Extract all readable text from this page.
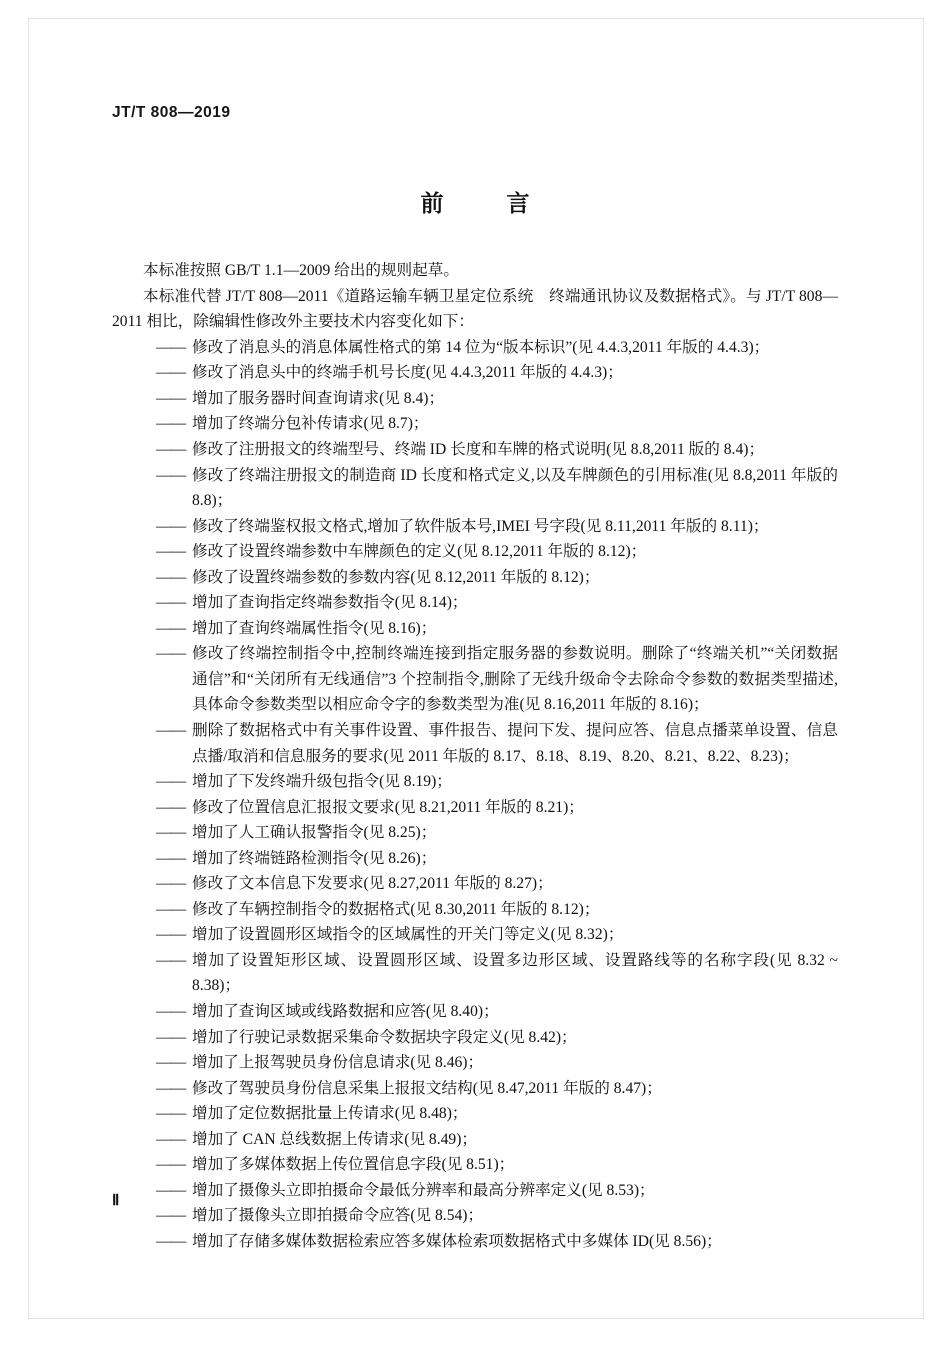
JT/T 808—2019
前　言

本标准按照 GB/T 1.1—2009 给出的规则起草。

本标准代替 JT/T 808—2011《道路运输车辆卫星定位系统　终端通讯协议及数据格式》。与 JT/T 808—2011 相比，除编辑性修改外主要技术内容变化如下：

—— 修改了消息头的消息体属性格式的第 14 位为“版本标识”(见 4.4.3,2011 年版的 4.4.3)；
—— 修改了消息头中的终端手机号长度(见 4.4.3,2011 年版的 4.4.3)；
—— 增加了服务器时间查询请求(见 8.4)；
—— 增加了终端分包补传请求(见 8.7)；
—— 修改了注册报文的终端型号、终端 ID 长度和车牌的格式说明(见 8.8,2011 版的 8.4)；
—— 修改了终端注册报文的制造商 ID 长度和格式定义,以及车牌颜色的引用标准(见 8.8,2011 年版的 8.8)；
—— 修改了终端鉴权报文格式,增加了软件版本号,IMEI 号字段(见 8.11,2011 年版的 8.11)；
—— 修改了设置终端参数中车牌颜色的定义(见 8.12,2011 年版的 8.12)；
—— 修改了设置终端参数的参数内容(见 8.12,2011 年版的 8.12)；
—— 增加了查询指定终端参数指令(见 8.14)；
—— 增加了查询终端属性指令(见 8.16)；
—— 修改了终端控制指令中,控制终端连接到指定服务器的参数说明。删除了“终端关机”“关闭数据通信”和“关闭所有无线通信”3 个控制指令,删除了无线升级命令去除命令参数的数据类型描述,具体命令参数类型以相应命令字的参数类型为准(见 8.16,2011 年版的 8.16)；
—— 删除了数据格式中有关事件设置、事件报告、提问下发、提问应答、信息点播菜单设置、信息点播/取消和信息服务的要求(见 2011 年版的 8.17、8.18、8.19、8.20、8.21、8.22、8.23)；
—— 增加了下发终端升级包指令(见 8.19)；
—— 修改了位置信息汇报报文要求(见 8.21,2011 年版的 8.21)；
—— 增加了人工确认报警指令(见 8.25)；
—— 增加了终端链路检测指令(见 8.26)；
—— 修改了文本信息下发要求(见 8.27,2011 年版的 8.27)；
—— 修改了车辆控制指令的数据格式(见 8.30,2011 年版的 8.12)；
—— 增加了设置圆形区域指令的区域属性的开关门等定义(见 8.32)；
—— 增加了设置矩形区域、设置圆形区域、设置多边形区域、设置路线等的名称字段(见 8.32 ~ 8.38)；
—— 增加了查询区域或线路数据和应答(见 8.40)；
—— 增加了行驶记录数据采集命令数据块字段定义(见 8.42)；
—— 增加了上报驾驶员身份信息请求(见 8.46)；
—— 修改了驾驶员身份信息采集上报报文结构(见 8.47,2011 年版的 8.47)；
—— 增加了定位数据批量上传请求(见 8.48)；
—— 增加了 CAN 总线数据上传请求(见 8.49)；
—— 增加了多媒体数据上传位置信息字段(见 8.51)；
—— 增加了摄像头立即拍摄命令最低分辨率和最高分辨率定义(见 8.53)；
—— 增加了摄像头立即拍摄命令应答(见 8.54)；
—— 增加了存储多媒体数据检索应答多媒体检索项数据格式中多媒体 ID(见 8.56)；
Ⅱ
